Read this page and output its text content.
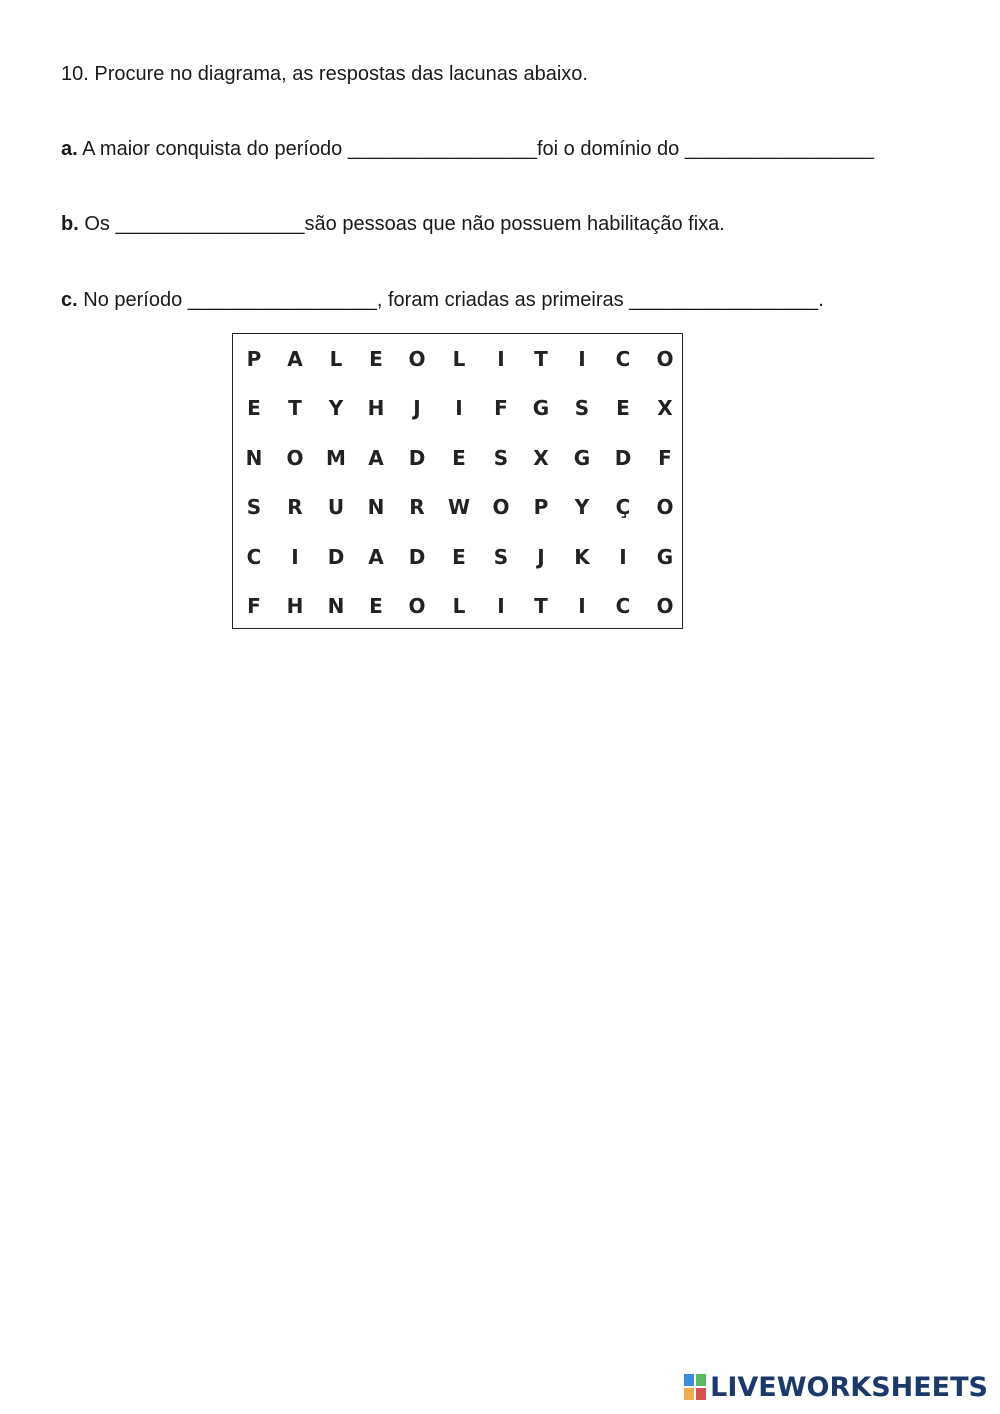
10. Procure no diagrama, as respostas das lacunas abaixo.
a. A maior conquista do período _________________foi o domínio do _________________
b. Os _________________são pessoas que não possuem habilitação fixa.
c. No período _________________, foram criadas as primeiras _________________.
P	A	L	E	O	L	I	T	I	C	O
E	T	Y	H	J	I	F	G	S	E	X
N	O	M	A	D	E	S	X	G	D	F
S	R	U	N	R	W	O	P	Y	Ç	O
C	I	D	A	D	E	S	J	K	I	G
F	H	N	E	O	L	I	T	I	C	O
LIVEWORKSHEETS
